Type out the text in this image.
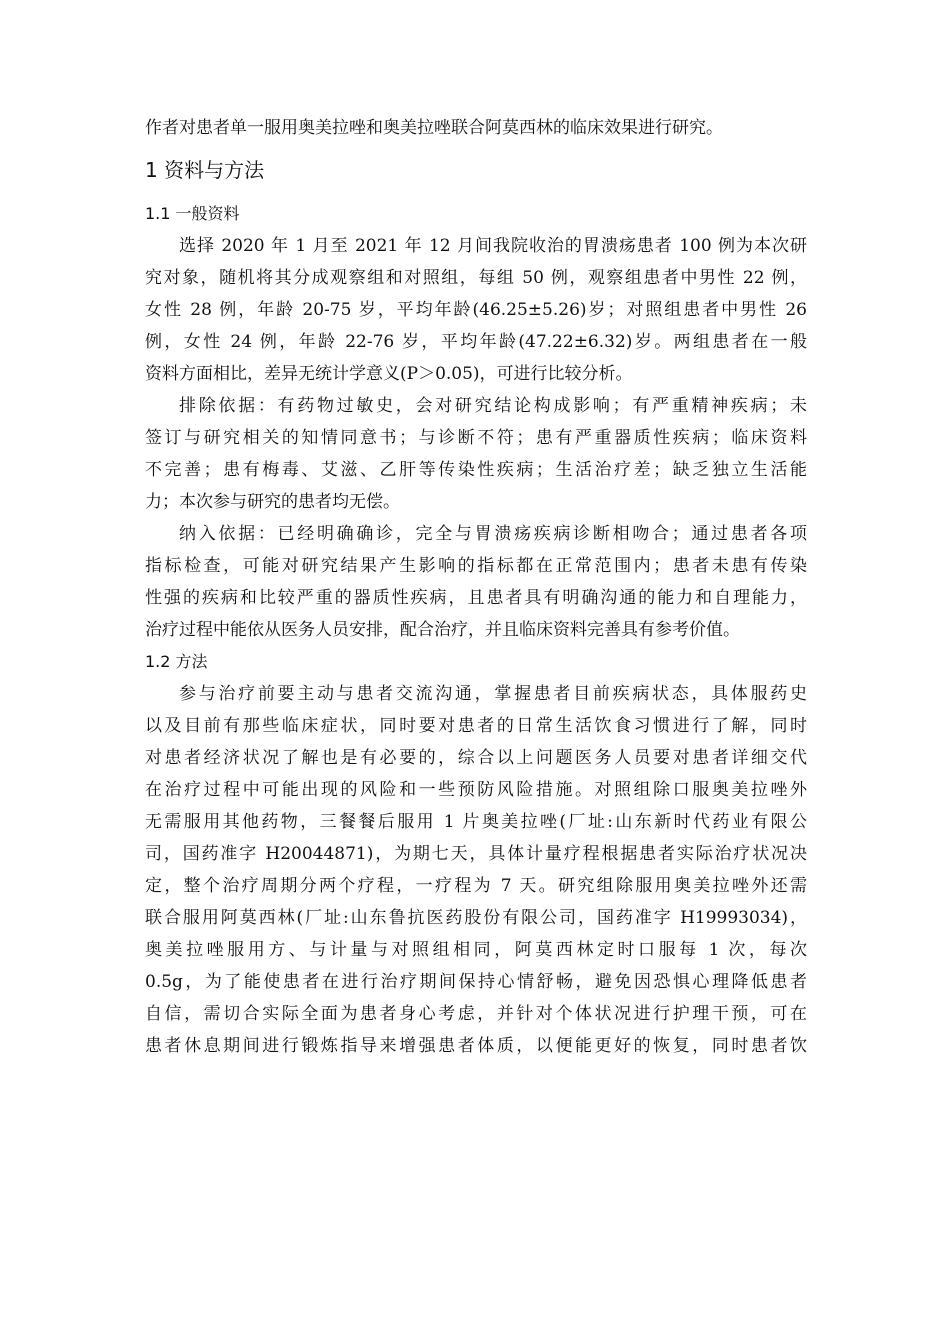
作者对患者单一服用奥美拉唑和奥美拉唑联合阿莫西林的临床效果进行研究。
1 资料与方法
1.1 一般资料
选择 2020 年 1 月至 2021 年 12 月间我院收治的胃溃疡患者 100 例为本次研
究对象，随机将其分成观察组和对照组，每组 50 例，观察组患者中男性 22 例，
女性 28 例，年龄 20-75 岁，平均年龄(46.25±5.26)岁；对照组患者中男性 26
例，女性 24 例，年龄 22-76 岁，平均年龄(47.22±6.32)岁。两组患者在一般
资料方面相比，差异无统计学意义(P＞0.05)，可进行比较分析。
排除依据：有药物过敏史，会对研究结论构成影响；有严重精神疾病；未
签订与研究相关的知情同意书；与诊断不符；患有严重器质性疾病；临床资料
不完善；患有梅毒、艾滋、乙肝等传染性疾病；生活治疗差；缺乏独立生活能
力；本次参与研究的患者均无偿。
纳入依据：已经明确确诊，完全与胃溃疡疾病诊断相吻合；通过患者各项
指标检查，可能对研究结果产生影响的指标都在正常范围内；患者未患有传染
性强的疾病和比较严重的器质性疾病，且患者具有明确沟通的能力和自理能力，
治疗过程中能依从医务人员安排，配合治疗，并且临床资料完善具有参考价值。
1.2 方法
参与治疗前要主动与患者交流沟通，掌握患者目前疾病状态，具体服药史
以及目前有那些临床症状，同时要对患者的日常生活饮食习惯进行了解，同时
对患者经济状况了解也是有必要的，综合以上问题医务人员要对患者详细交代
在治疗过程中可能出现的风险和一些预防风险措施。对照组除口服奥美拉唑外
无需服用其他药物，三餐餐后服用 1 片奥美拉唑(厂址:山东新时代药业有限公
司，国药准字 H20044871)，为期七天，具体计量疗程根据患者实际治疗状况决
定，整个治疗周期分两个疗程，一疗程为 7 天。研究组除服用奥美拉唑外还需
联合服用阿莫西林(厂址:山东鲁抗医药股份有限公司，国药准字 H19993034)，
奥美拉唑服用方、与计量与对照组相同，阿莫西林定时口服每 1 次，每次
0.5g，为了能使患者在进行治疗期间保持心情舒畅，避免因恐惧心理降低患者
自信，需切合实际全面为患者身心考虑，并针对个体状况进行护理干预，可在
患者休息期间进行锻炼指导来增强患者体质，以便能更好的恢复，同时患者饮
